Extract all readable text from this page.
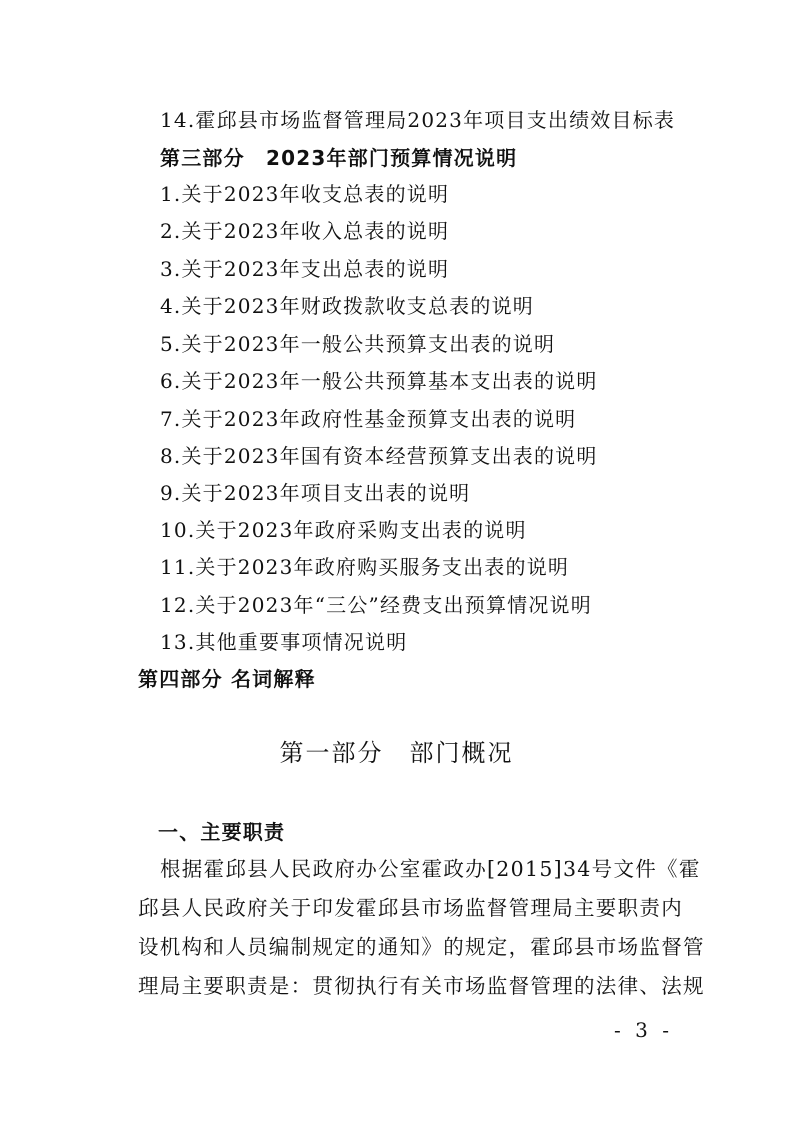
14.霍邱县市场监督管理局2023年项目支出绩效目标表
第三部分　2023年部门预算情况说明
1.关于2023年收支总表的说明
2.关于2023年收入总表的说明
3.关于2023年支出总表的说明
4.关于2023年财政拨款收支总表的说明
5.关于2023年一般公共预算支出表的说明
6.关于2023年一般公共预算基本支出表的说明
7.关于2023年政府性基金预算支出表的说明
8.关于2023年国有资本经营预算支出表的说明
9.关于2023年项目支出表的说明
10.关于2023年政府采购支出表的说明
11.关于2023年政府购买服务支出表的说明
12.关于2023年“三公”经费支出预算情况说明
13.其他重要事项情况说明
第四部分 名词解释
第一部分　部门概况
一、主要职责
根据霍邱县人民政府办公室霍政办[2015]34号文件《霍
邱县人民政府关于印发霍邱县市场监督管理局主要职责内
设机构和人员编制规定的通知》的规定，霍邱县市场监督管
理局主要职责是：贯彻执行有关市场监督管理的法律、法规
- 3 -
